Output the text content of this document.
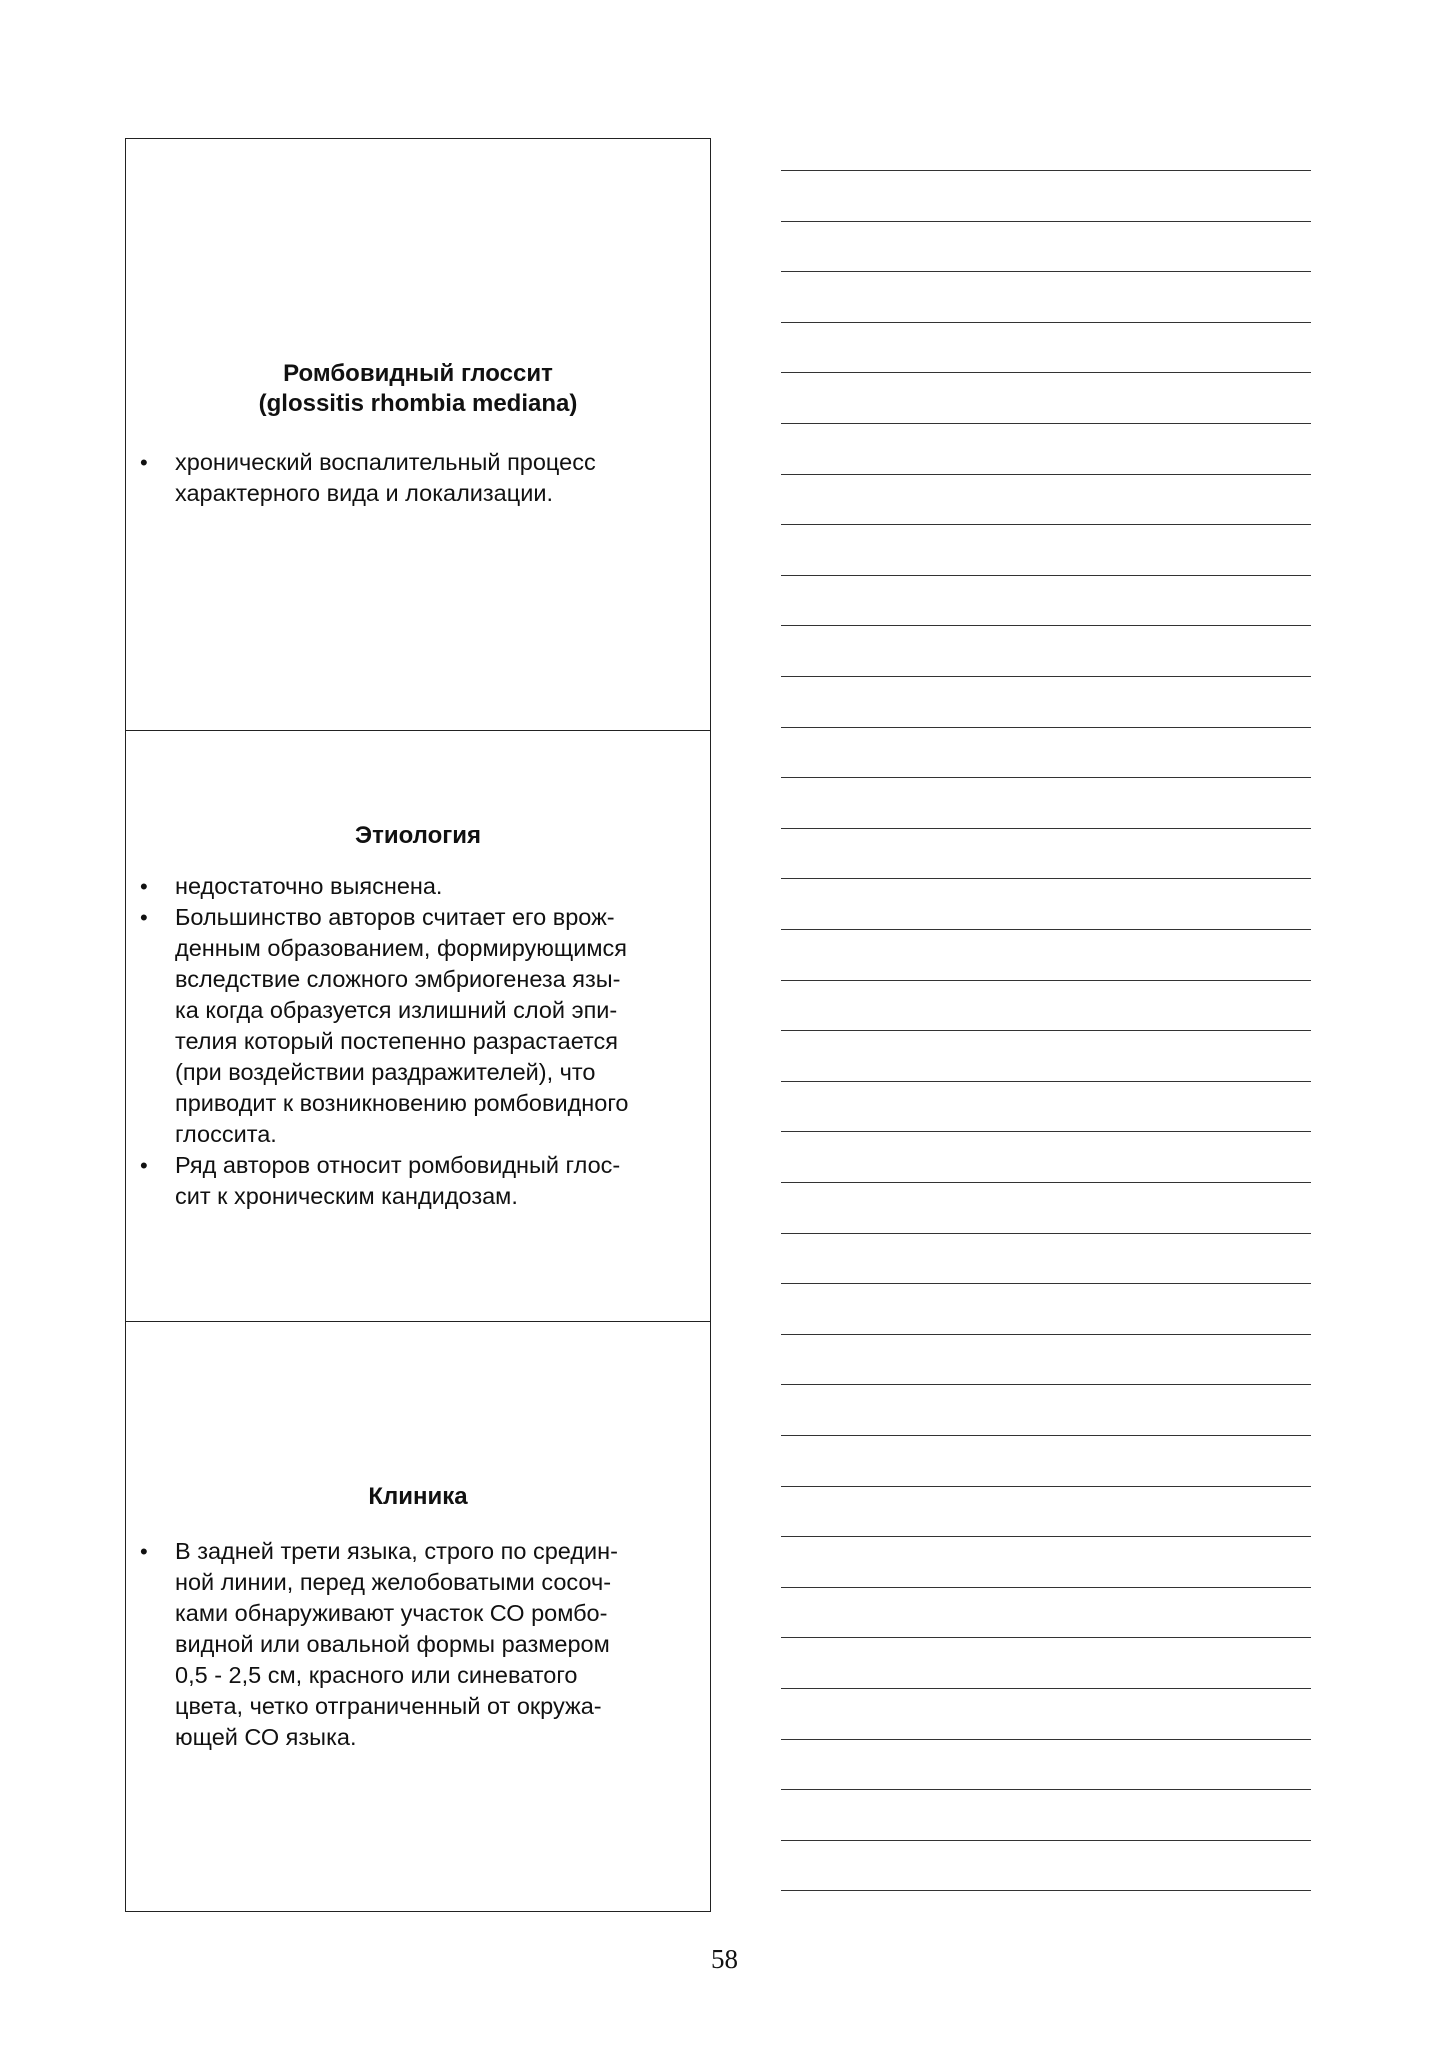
Ромбовидный глоссит
(glossitis rhombia mediana)
•	хронический воспалительный процесс
характерного вида и локализации.
Этиология
•	недостаточно выяснена.
•	Большинство авторов считает его врож-
денным образованием, формирующимся
вследствие сложного эмбриогенеза язы-
ка когда образуется излишний слой эпи-
телия который постепенно разрастается
(при воздействии раздражителей), что
приводит к возникновению ромбовидного
глоссита.
•	Ряд авторов относит ромбовидный глос-
сит к хроническим кандидозам.
Клиника
•	В задней трети языка, строго по средин-
ной линии, перед желобоватыми сосоч-
ками обнаруживают участок СО ромбо-
видной или овальной формы размером
0,5 - 2,5 см, красного или синеватого
цвета, четко отграниченный от окружа-
ющей СО языка.
58
